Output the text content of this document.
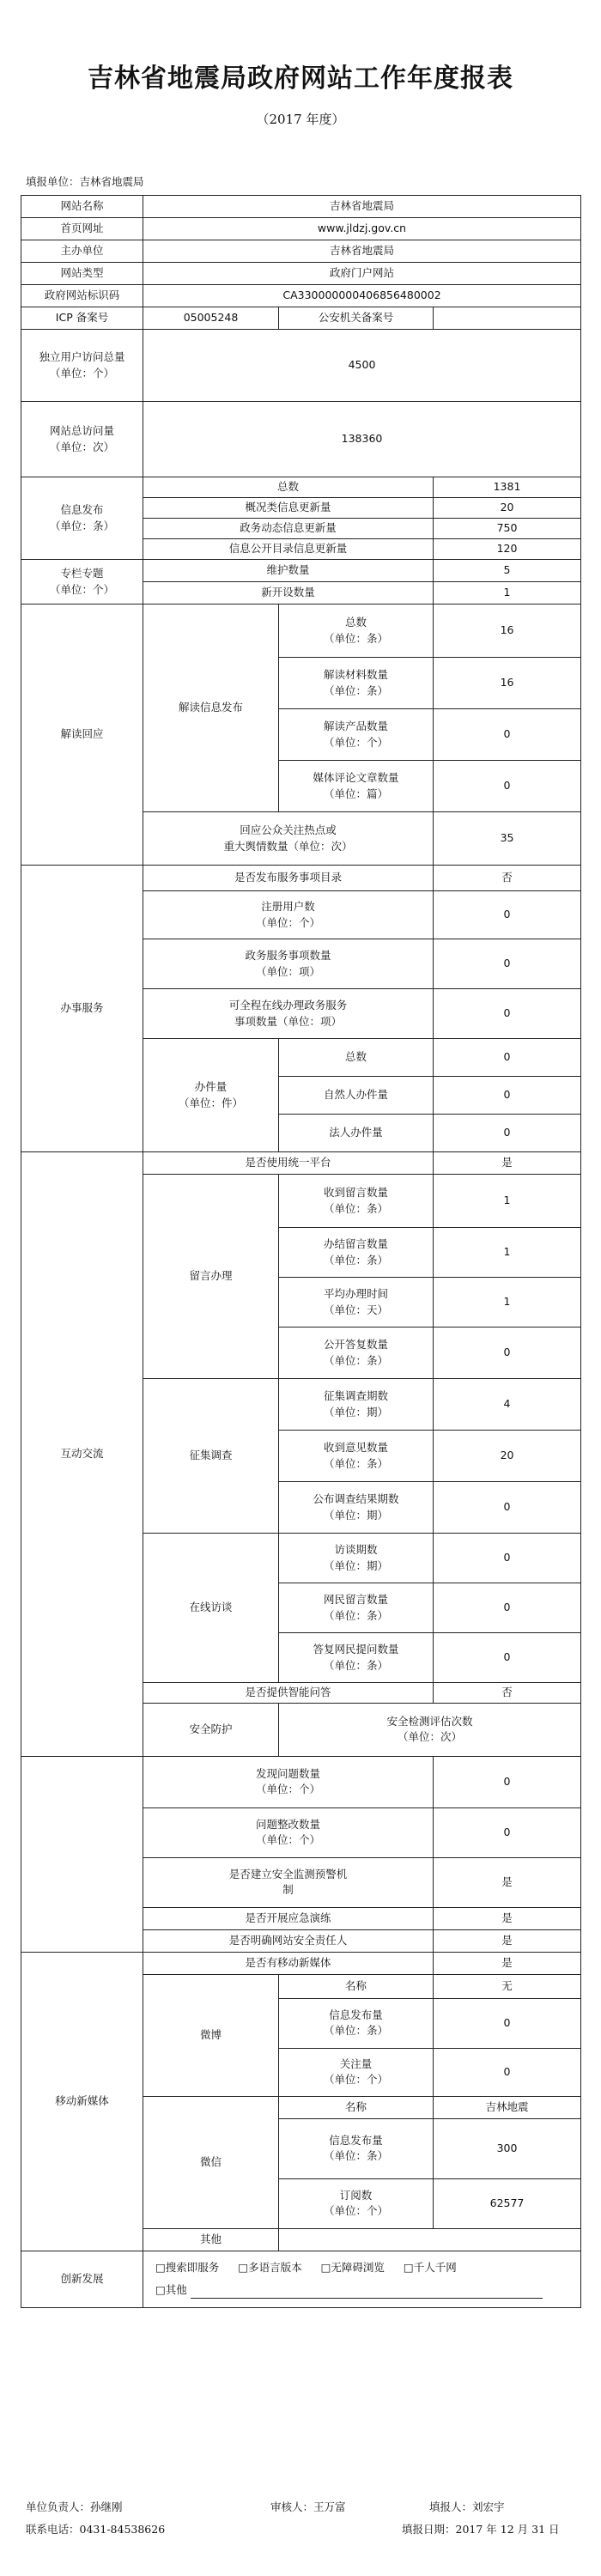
吉林省地震局政府网站工作年度报表
（2017 年度）
填报单位：吉林省地震局
网站名称	吉林省地震局			
首页网址	www.jldzj.gov.cn			
主办单位	吉林省地震局			
网站类型	政府门户网站			
政府网站标识码	CA330000000406856480002			
ICP 备案号	05005248	公安机关备案号		

独立用户访问总量
（单位：个）	4500			

网站总访问量
（单位：次）	138360			

信息发布
（单位：条）	总数		1381	
	概况类信息更新量		20	
	政务动态信息更新量		750	
	信息公开目录信息更新量		120	

专栏专题
（单位：个）	维护数量		5	
	新开设数量		1	
解读回应	解读信息发布	总数
（单位：条）	16	

		解读材料数量
（单位：条）	16	

		解读产品数量
（单位：个）	0	

		媒体评论文章数量
（单位：篇）	0	

	回应公众关注热点或
重大舆情数量（单位：次）		35	
办事服务	是否发布服务事项目录		否	

	注册用户数
（单位：个）		0	

	政务服务事项数量
（单位：项）		0	

	可全程在线办理政务服务
事项数量（单位：项）		0	

	办件量
（单位：件）	总数	0	
		自然人办件量	0	
		法人办件量	0	
互动交流	是否使用统一平台		是	
	留言办理	收到留言数量
（单位：条）	1	

		办结留言数量
（单位：条）	1	

		平均办理时间
（单位：天）	1	

		公开答复数量
（单位：条）	0	
	征集调查	征集调查期数
（单位：期）	4	

		收到意见数量
（单位：条）	20	

		公布调查结果期数
（单位：期）	0	
	在线访谈	访谈期数
（单位：期）	0	

		网民留言数量
（单位：条）	0	

		答复网民提问数量
（单位：条）	0	
	是否提供智能问答		否	
	安全防护	安全检测评估次数
（单位：次）

	发现问题数量
（单位：个）		0	

	问题整改数量
（单位：个）		0	

	是否建立安全监测预警机
制		是	
	是否开展应急演练		是	
	是否明确网站安全责任人		是	
移动新媒体	是否有移动新媒体		是	
	微博	名称	无	

		信息发布量
（单位：条）	0	

		关注量
（单位：个）	0	
	微信	名称	吉林地震	

		信息发布量
（单位：条）	300	

		订阅数
（单位：个）	62577	
	其他			
创新发展	□搜索即服务 □多语言版本 □无障碍浏览 □千人千网
□其他			
单位负责人：孙继刚	审核人：王万富	填报人：刘宏宇
联系电话：0431-84538626	填报日期：2017 年 12 月 31 日
